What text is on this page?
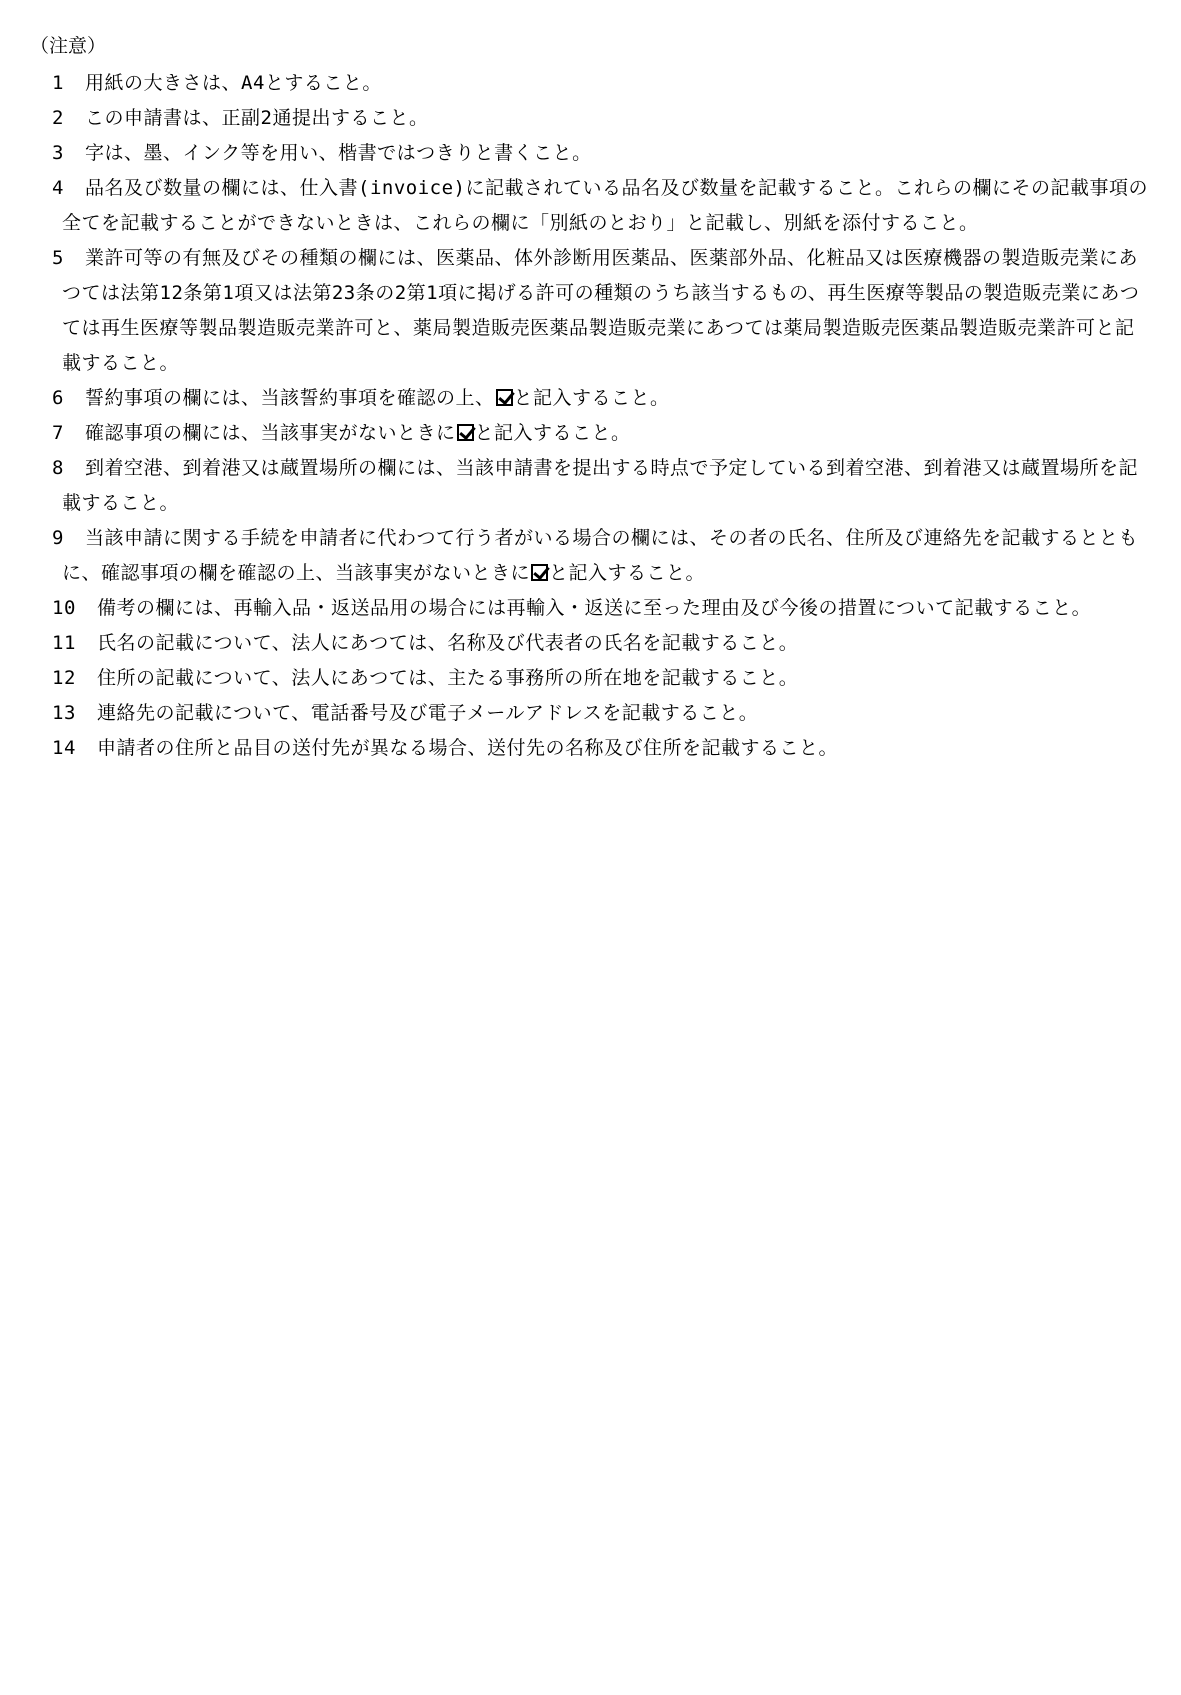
（注意）
1	用紙の大きさは、A4とすること。
2	この申請書は、正副2通提出すること。
3	字は、墨、インク等を用い、楷書ではつきりと書くこと。
4	品名及び数量の欄には、仕入書(invoice)に記載されている品名及び数量を記載すること。これらの欄にその記載事項の全てを記載することができないときは、これらの欄に「別紙のとおり」と記載し、別紙を添付すること。
5	業許可等の有無及びその種類の欄には、医薬品、体外診断用医薬品、医薬部外品、化粧品又は医療機器の製造販売業にあつては法第12条第1項又は法第23条の2第1項に掲げる許可の種類のうち該当するもの、再生医療等製品の製造販売業にあつては再生医療等製品製造販売業許可と、薬局製造販売医薬品製造販売業にあつては薬局製造販売医薬品製造販売業許可と記載すること。
6	誓約事項の欄には、当該誓約事項を確認の上、 と記入すること。
7	確認事項の欄には、当該事実がないときに と記入すること。
8	到着空港、到着港又は蔵置場所の欄には、当該申請書を提出する時点で予定している到着空港、到着港又は蔵置場所を記載すること。
9	当該申請に関する手続を申請者に代わつて行う者がいる場合の欄には、その者の氏名、住所及び連絡先を記載するとともに、確認事項の欄を確認の上、当該事実がないときに と記入すること。
10	備考の欄には、再輸入品・返送品用の場合には再輸入・返送に至った理由及び今後の措置について記載すること。
11	氏名の記載について、法人にあつては、名称及び代表者の氏名を記載すること。
12	住所の記載について、法人にあつては、主たる事務所の所在地を記載すること。
13	連絡先の記載について、電話番号及び電子メールアドレスを記載すること。
14	申請者の住所と品目の送付先が異なる場合、送付先の名称及び住所を記載すること。
